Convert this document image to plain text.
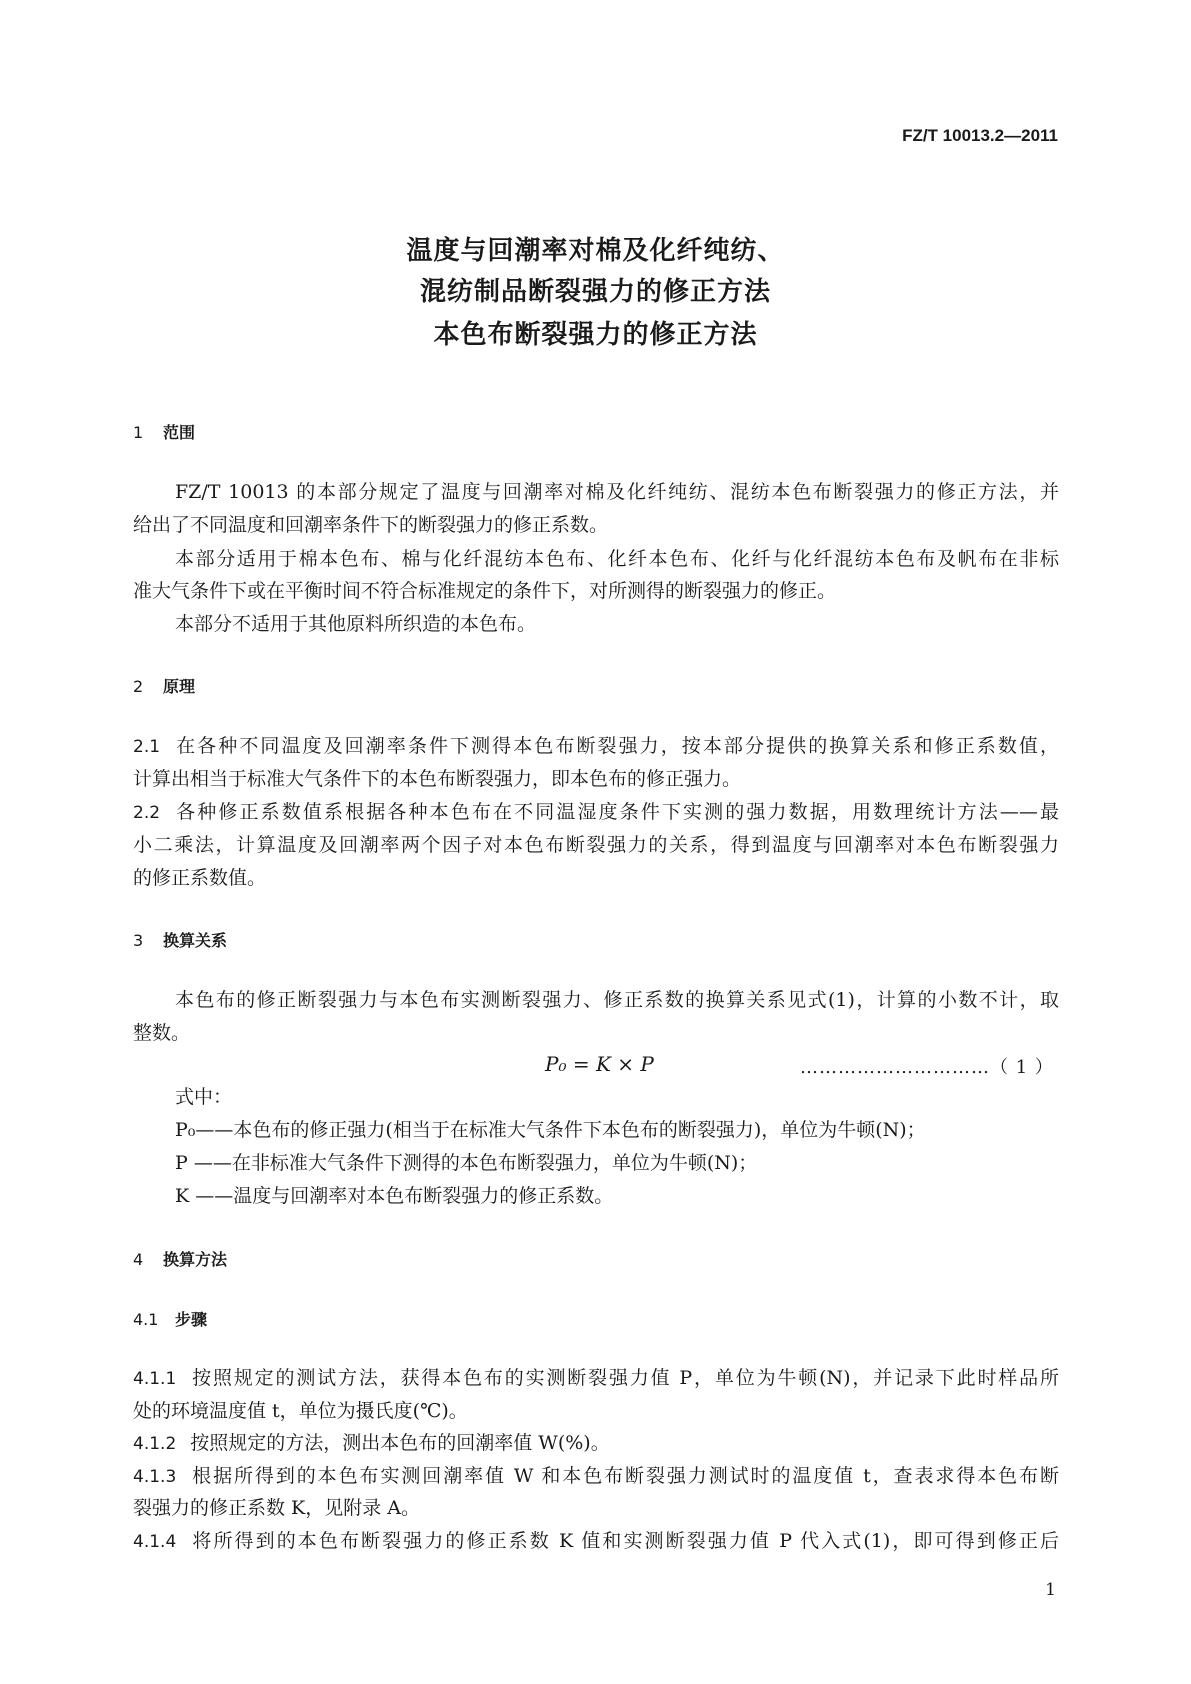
FZ/T 10013.2—2011
温度与回潮率对棉及化纤纯纺、
混纺制品断裂强力的修正方法
本色布断裂强力的修正方法
1 范围
FZ/T 10013 的本部分规定了温度与回潮率对棉及化纤纯纺、混纺本色布断裂强力的修正方法，并
给出了不同温度和回潮率条件下的断裂强力的修正系数。
本部分适用于棉本色布、棉与化纤混纺本色布、化纤本色布、化纤与化纤混纺本色布及帆布在非标
准大气条件下或在平衡时间不符合标准规定的条件下，对所测得的断裂强力的修正。
本部分不适用于其他原料所织造的本色布。
2 原理
2.1 在各种不同温度及回潮率条件下测得本色布断裂强力，按本部分提供的换算关系和修正系数值，
计算出相当于标准大气条件下的本色布断裂强力，即本色布的修正强力。
2.2 各种修正系数值系根据各种本色布在不同温湿度条件下实测的强力数据，用数理统计方法——最
小二乘法，计算温度及回潮率两个因子对本色布断裂强力的关系，得到温度与回潮率对本色布断裂强力
的修正系数值。
3 换算关系
本色布的修正断裂强力与本色布实测断裂强力、修正系数的换算关系见式(1)，计算的小数不计，取
整数。
P₀ = K × P	…………………………（ 1 ）
式中：
P₀——本色布的修正强力(相当于在标准大气条件下本色布的断裂强力)，单位为牛顿(N)；
P ——在非标准大气条件下测得的本色布断裂强力，单位为牛顿(N)；
K ——温度与回潮率对本色布断裂强力的修正系数。
4 换算方法
4.1 步骤
4.1.1 按照规定的测试方法，获得本色布的实测断裂强力值 P，单位为牛顿(N)，并记录下此时样品所
处的环境温度值 t，单位为摄氏度(℃)。
4.1.2 按照规定的方法，测出本色布的回潮率值 W(%)。
4.1.3 根据所得到的本色布实测回潮率值 W 和本色布断裂强力测试时的温度值 t，查表求得本色布断
裂强力的修正系数 K，见附录 A。
4.1.4 将所得到的本色布断裂强力的修正系数 K 值和实测断裂强力值 P 代入式(1)，即可得到修正后
1
